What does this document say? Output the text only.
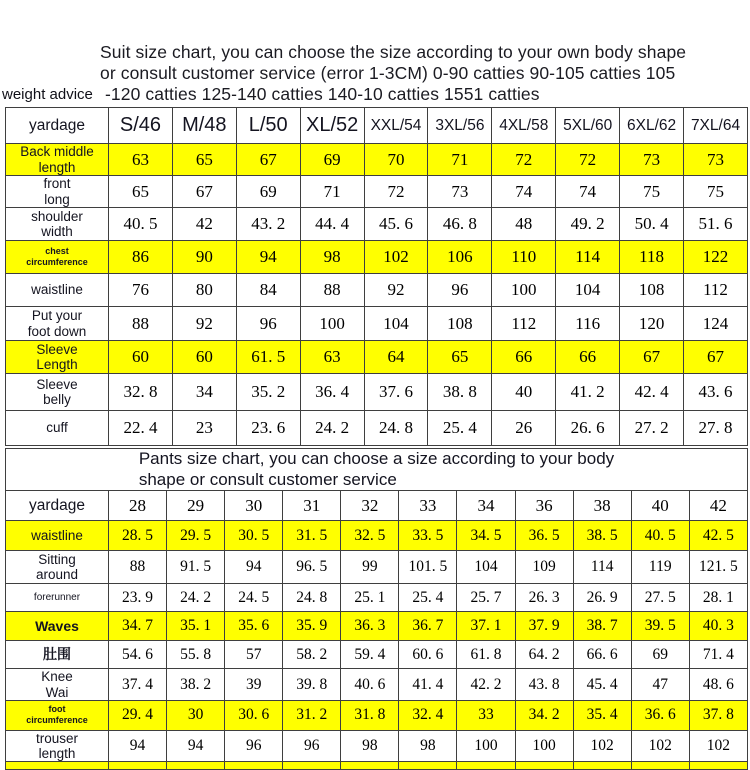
Suit size chart, you can choose the size according to your own body shape
or consult customer service (error 1-3CM) 0-90 catties 90-105 catties 105
-120 catties 125-140 catties 140-10 catties 1551 catties
weight advice
yardage	S/46	M/48	L/50	XL/52	XXL/54	3XL/56	4XL/58	5XL/60	6XL/62	7XL/64
Back middle
length	63	65	67	69	70	71	72	72	73	73
front
long	65	67	69	71	72	73	74	74	75	75
shoulder
width	40. 5	42	43. 2	44. 4	45. 6	46. 8	48	49. 2	50. 4	51. 6
chest
circumference	86	90	94	98	102	106	110	114	118	122
waistline	76	80	84	88	92	96	100	104	108	112
Put your
foot down	88	92	96	100	104	108	112	116	120	124
Sleeve
Length	60	60	61. 5	63	64	65	66	66	67	67
Sleeve
belly	32. 8	34	35. 2	36. 4	37. 6	38. 8	40	41. 2	42. 4	43. 6
cuff	22. 4	23	23. 6	24. 2	24. 8	25. 4	26	26. 6	27. 2	27. 8
Pants size chart, you can choose a size according to your body
shape or consult customer service											

yardage	28	29	30	31	32	33	34	36	38	40	42
waistline	28. 5	29. 5	30. 5	31. 5	32. 5	33. 5	34. 5	36. 5	38. 5	40. 5	42. 5
Sitting
around	88	91. 5	94	96. 5	99	101. 5	104	109	114	119	121. 5
forerunner	23. 9	24. 2	24. 5	24. 8	25. 1	25. 4	25. 7	26. 3	26. 9	27. 5	28. 1
Waves	34. 7	35. 1	35. 6	35. 9	36. 3	36. 7	37. 1	37. 9	38. 7	39. 5	40. 3
肚围	54. 6	55. 8	57	58. 2	59. 4	60. 6	61. 8	64. 2	66. 6	69	71. 4
Knee
Wai	37. 4	38. 2	39	39. 8	40. 6	41. 4	42. 2	43. 8	45. 4	47	48. 6
foot
circumference	29. 4	30	30. 6	31. 2	31. 8	32. 4	33	34. 2	35. 4	36. 6	37. 8
trouser
length	94	94	96	96	98	98	100	100	102	102	102
